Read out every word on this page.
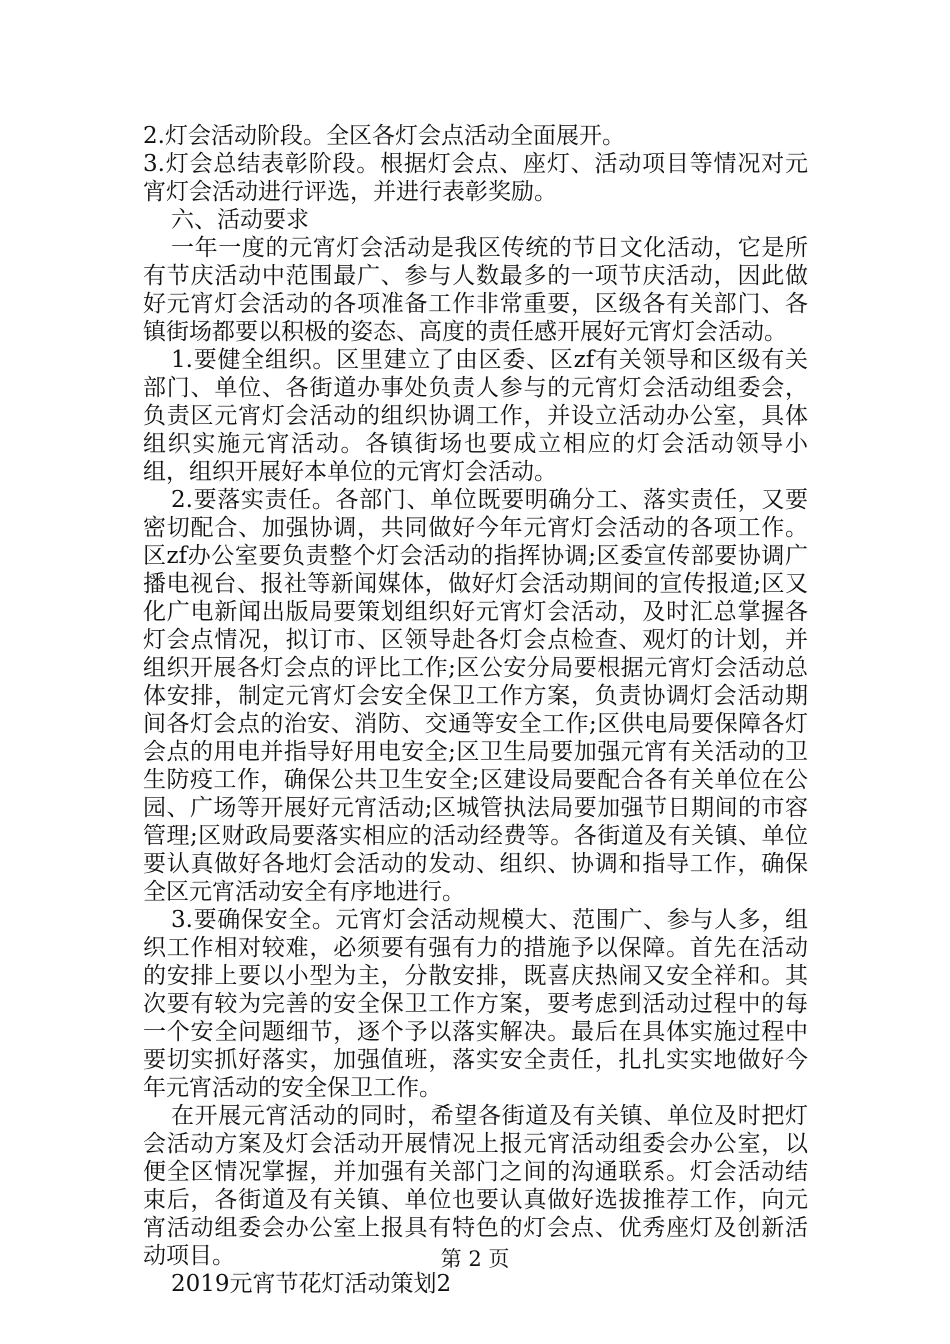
2.灯会活动阶段。全区各灯会点活动全面展开。

3.灯会总结表彰阶段。根据灯会点、座灯、活动项目等情况对元宵灯会活动进行评选，并进行表彰奖励。

六、活动要求

一年一度的元宵灯会活动是我区传统的节日文化活动，它是所有节庆活动中范围最广、参与人数最多的一项节庆活动，因此做好元宵灯会活动的各项准备工作非常重要，区级各有关部门、各镇街场都要以积极的姿态、高度的责任感开展好元宵灯会活动。

1.要健全组织。区里建立了由区委、区zf有关领导和区级有关部门、单位、各街道办事处负责人参与的元宵灯会活动组委会，负责区元宵灯会活动的组织协调工作，并设立活动办公室，具体组织实施元宵活动。各镇街场也要成立相应的灯会活动领导小组，组织开展好本单位的元宵灯会活动。

2.要落实责任。各部门、单位既要明确分工、落实责任，又要密切配合、加强协调，共同做好今年元宵灯会活动的各项工作。区zf办公室要负责整个灯会活动的指挥协调;区委宣传部要协调广播电视台、报社等新闻媒体，做好灯会活动期间的宣传报道;区又化广电新闻出版局要策划组织好元宵灯会活动，及时汇总掌握各灯会点情况，拟订市、区领导赴各灯会点检查、观灯的计划，并组织开展各灯会点的评比工作;区公安分局要根据元宵灯会活动总体安排，制定元宵灯会安全保卫工作方案，负责协调灯会活动期间各灯会点的治安、消防、交通等安全工作;区供电局要保障各灯会点的用电并指导好用电安全;区卫生局要加强元宵有关活动的卫生防疫工作，确保公共卫生安全;区建设局要配合各有关单位在公园、广场等开展好元宵活动;区城管执法局要加强节日期间的市容管理;区财政局要落实相应的活动经费等。各街道及有关镇、单位要认真做好各地灯会活动的发动、组织、协调和指导工作，确保全区元宵活动安全有序地进行。

3.要确保安全。元宵灯会活动规模大、范围广、参与人多，组织工作相对较难，必须要有强有力的措施予以保障。首先在活动的安排上要以小型为主，分散安排，既喜庆热闹又安全祥和。其次要有较为完善的安全保卫工作方案，要考虑到活动过程中的每一个安全问题细节，逐个予以落实解决。最后在具体实施过程中要切实抓好落实，加强值班，落实安全责任，扎扎实实地做好今年元宵活动的安全保卫工作。

在开展元宵活动的同时，希望各街道及有关镇、单位及时把灯会活动方案及灯会活动开展情况上报元宵活动组委会办公室，以便全区情况掌握，并加强有关部门之间的沟通联系。灯会活动结束后，各街道及有关镇、单位也要认真做好选拔推荐工作，向元宵活动组委会办公室上报具有特色的灯会点、优秀座灯及创新活动项目。

2019元宵节花灯活动策划2

第 2 页
